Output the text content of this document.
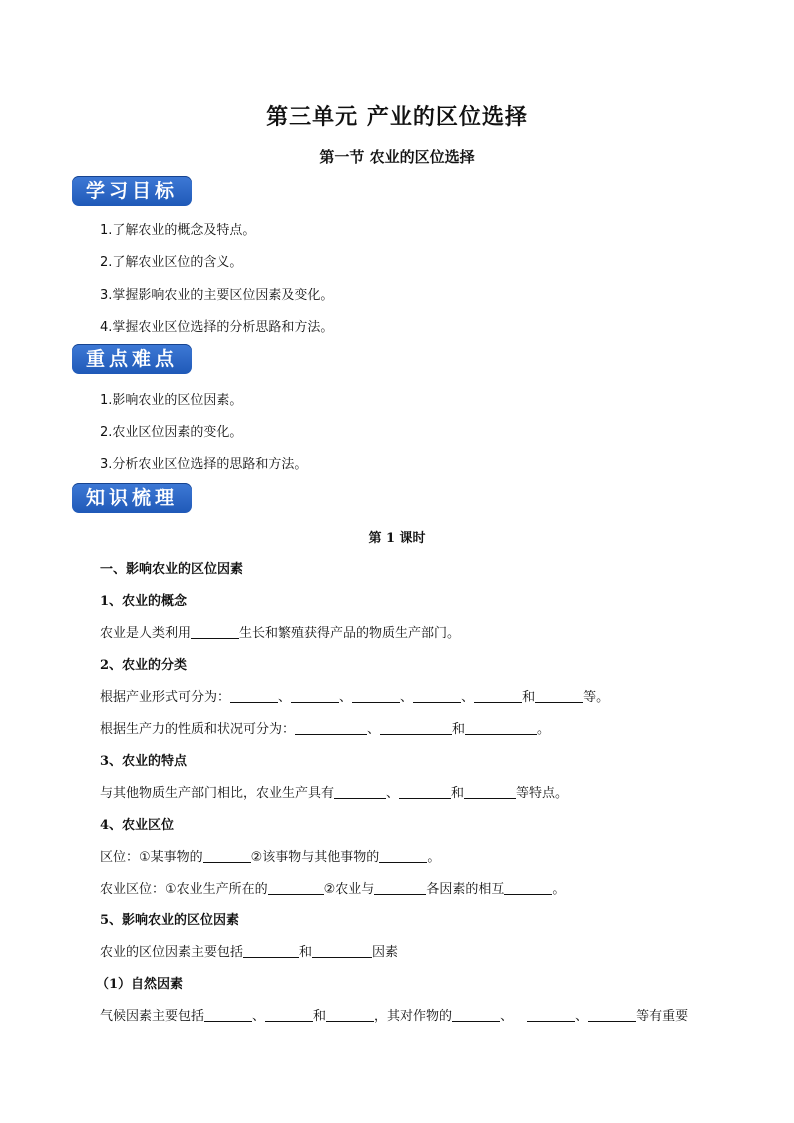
第三单元 产业的区位选择
第一节 农业的区位选择
学习目标
1.了解农业的概念及特点。
2.了解农业区位的含义。
3.掌握影响农业的主要区位因素及变化。
4.掌握农业区位选择的分析思路和方法。
重点难点
1.影响农业的区位因素。
2.农业区位因素的变化。
3.分析农业区位选择的思路和方法。
知识梳理
第 1 课时
一、影响农业的区位因素
1、农业的概念
农业是人类利用	生长和繁殖获得产品的物质生产部门。
2、农业的分类
根据产业形式可分为：	、	、	、	、	和	等。
根据生产力的性质和状况可分为：	、	和	。
3、农业的特点
与其他物质生产部门相比，农业生产具有	、	和	等特点。
4、农业区位
区位：①某事物的	②该事物与其他事物的	。
农业区位：①农业生产所在的	②农业与	各因素的相互	。
5、影响农业的区位因素
农业的区位因素主要包括	和	因素
（1）自然因素
气候因素主要包括	、	和	，其对作物的	、	、	等有重要
